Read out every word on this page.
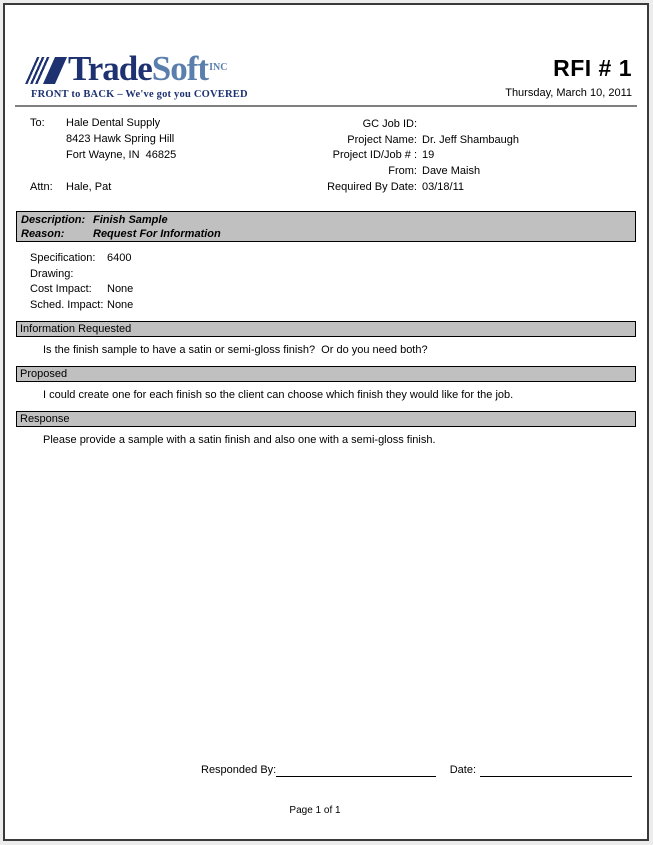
TradeSoft$^{INC}$
FRONT to BACK – We've got you COVERED
RFI # 1
Thursday, March 10, 2011
To:	Hale Dental Supply
8423 Hawk Spring Hill
Fort Wayne, IN  46825
Attn:	Hale, Pat
GC Job ID:
Project Name: Dr. Jeff Shambaugh
Project ID/Job # : 19
From: Dave Maish
Required By Date: 03/18/11
Description: Finish Sample
Reason:	Request For Information
Specification:	6400
Drawing:
Cost Impact:	None
Sched. Impact: None
Information Requested
Is the finish sample to have a satin or semi-gloss finish?  Or do you need both?
Proposed
I could create one for each finish so the client can choose which finish they would like for the job.
Response
Please provide a sample with a satin finish and also one with a semi-gloss finish.
Responded By:	Date:
Page 1 of 1
